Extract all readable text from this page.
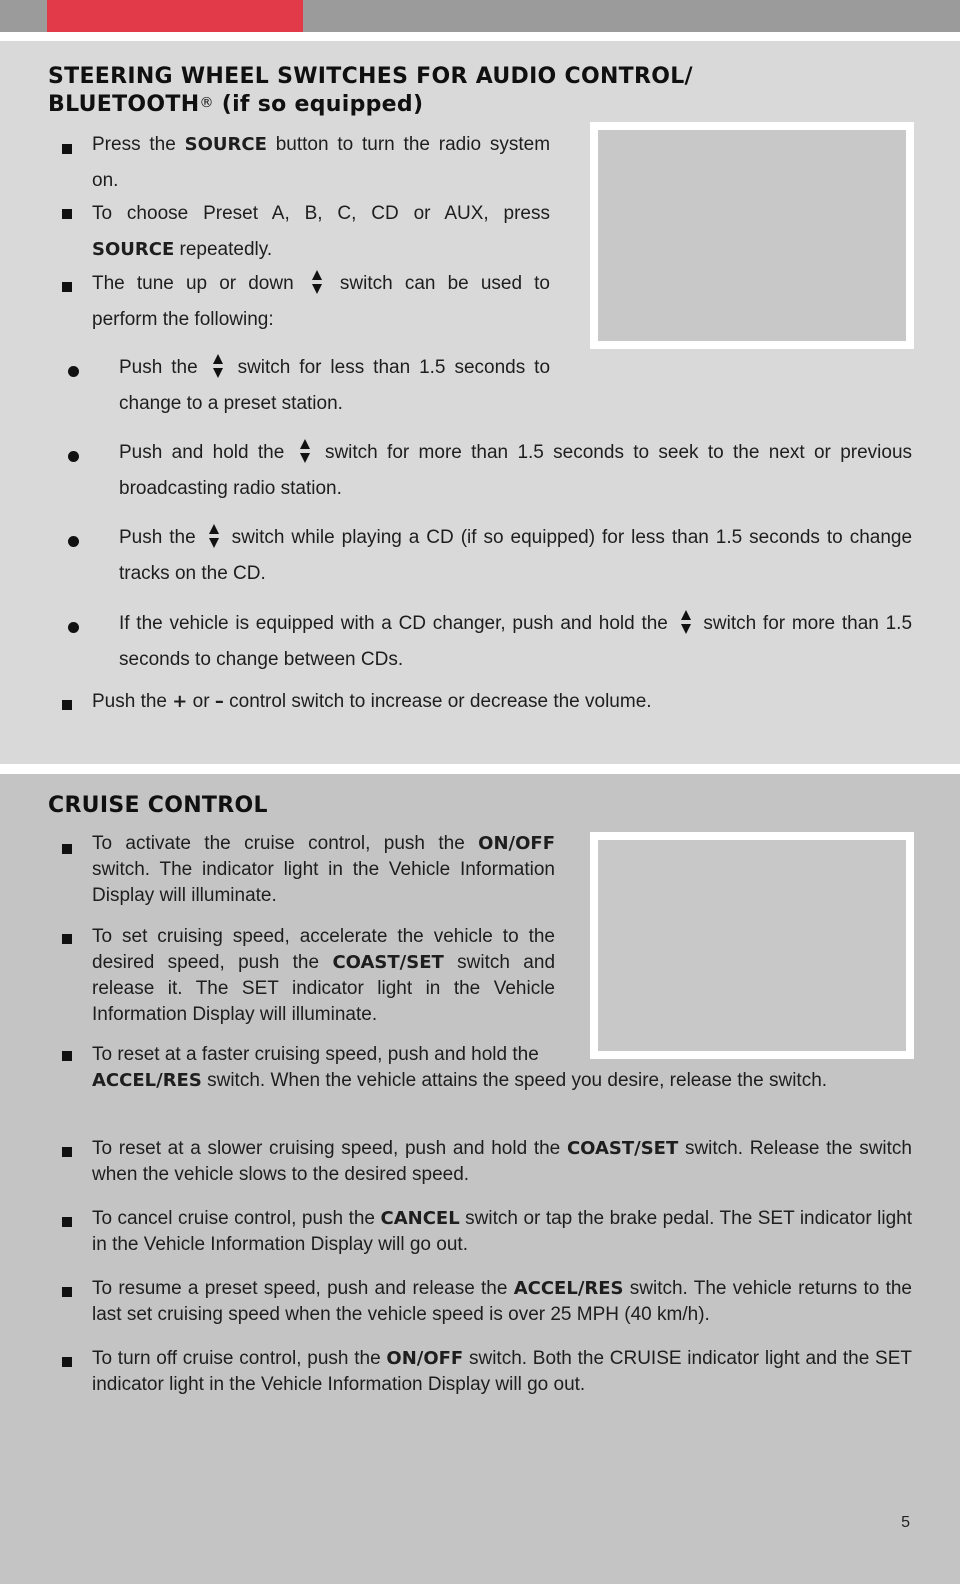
STEERING WHEEL SWITCHES FOR AUDIO CONTROL/ BLUETOOTH® (if so equipped)
Press the SOURCE button to turn the radio system on.
To choose Preset A, B, C, CD or AUX, press SOURCE repeatedly.
The tune up or down switch can be used to perform the following:
Push the switch for less than 1.5 seconds to change to a preset station.
Push and hold the switch for more than 1.5 seconds to seek to the next or previous broadcasting radio station.
Push the switch while playing a CD (if so equipped) for less than 1.5 seconds to change tracks on the CD.
If the vehicle is equipped with a CD changer, push and hold the switch for more than 1.5 seconds to change between CDs.
Push the + or – control switch to increase or decrease the volume.
CRUISE CONTROL
To activate the cruise control, push the ON/OFF switch. The indicator light in the Vehicle Information Display will illuminate.
To set cruising speed, accelerate the vehicle to the desired speed, push the COAST/SET switch and release it. The SET indicator light in the Vehicle Information Display will illuminate.
To reset at a faster cruising speed, push and hold the
ACCEL/RES switch. When the vehicle attains the speed you desire, release the switch.
To reset at a slower cruising speed, push and hold the COAST/SET switch. Release the switch when the vehicle slows to the desired speed.
To cancel cruise control, push the CANCEL switch or tap the brake pedal. The SET indicator light in the Vehicle Information Display will go out.
To resume a preset speed, push and release the ACCEL/RES switch. The vehicle returns to the last set cruising speed when the vehicle speed is over 25 MPH (40 km/h).
To turn off cruise control, push the ON/OFF switch. Both the CRUISE indicator light and the SET indicator light in the Vehicle Information Display will go out.
5
